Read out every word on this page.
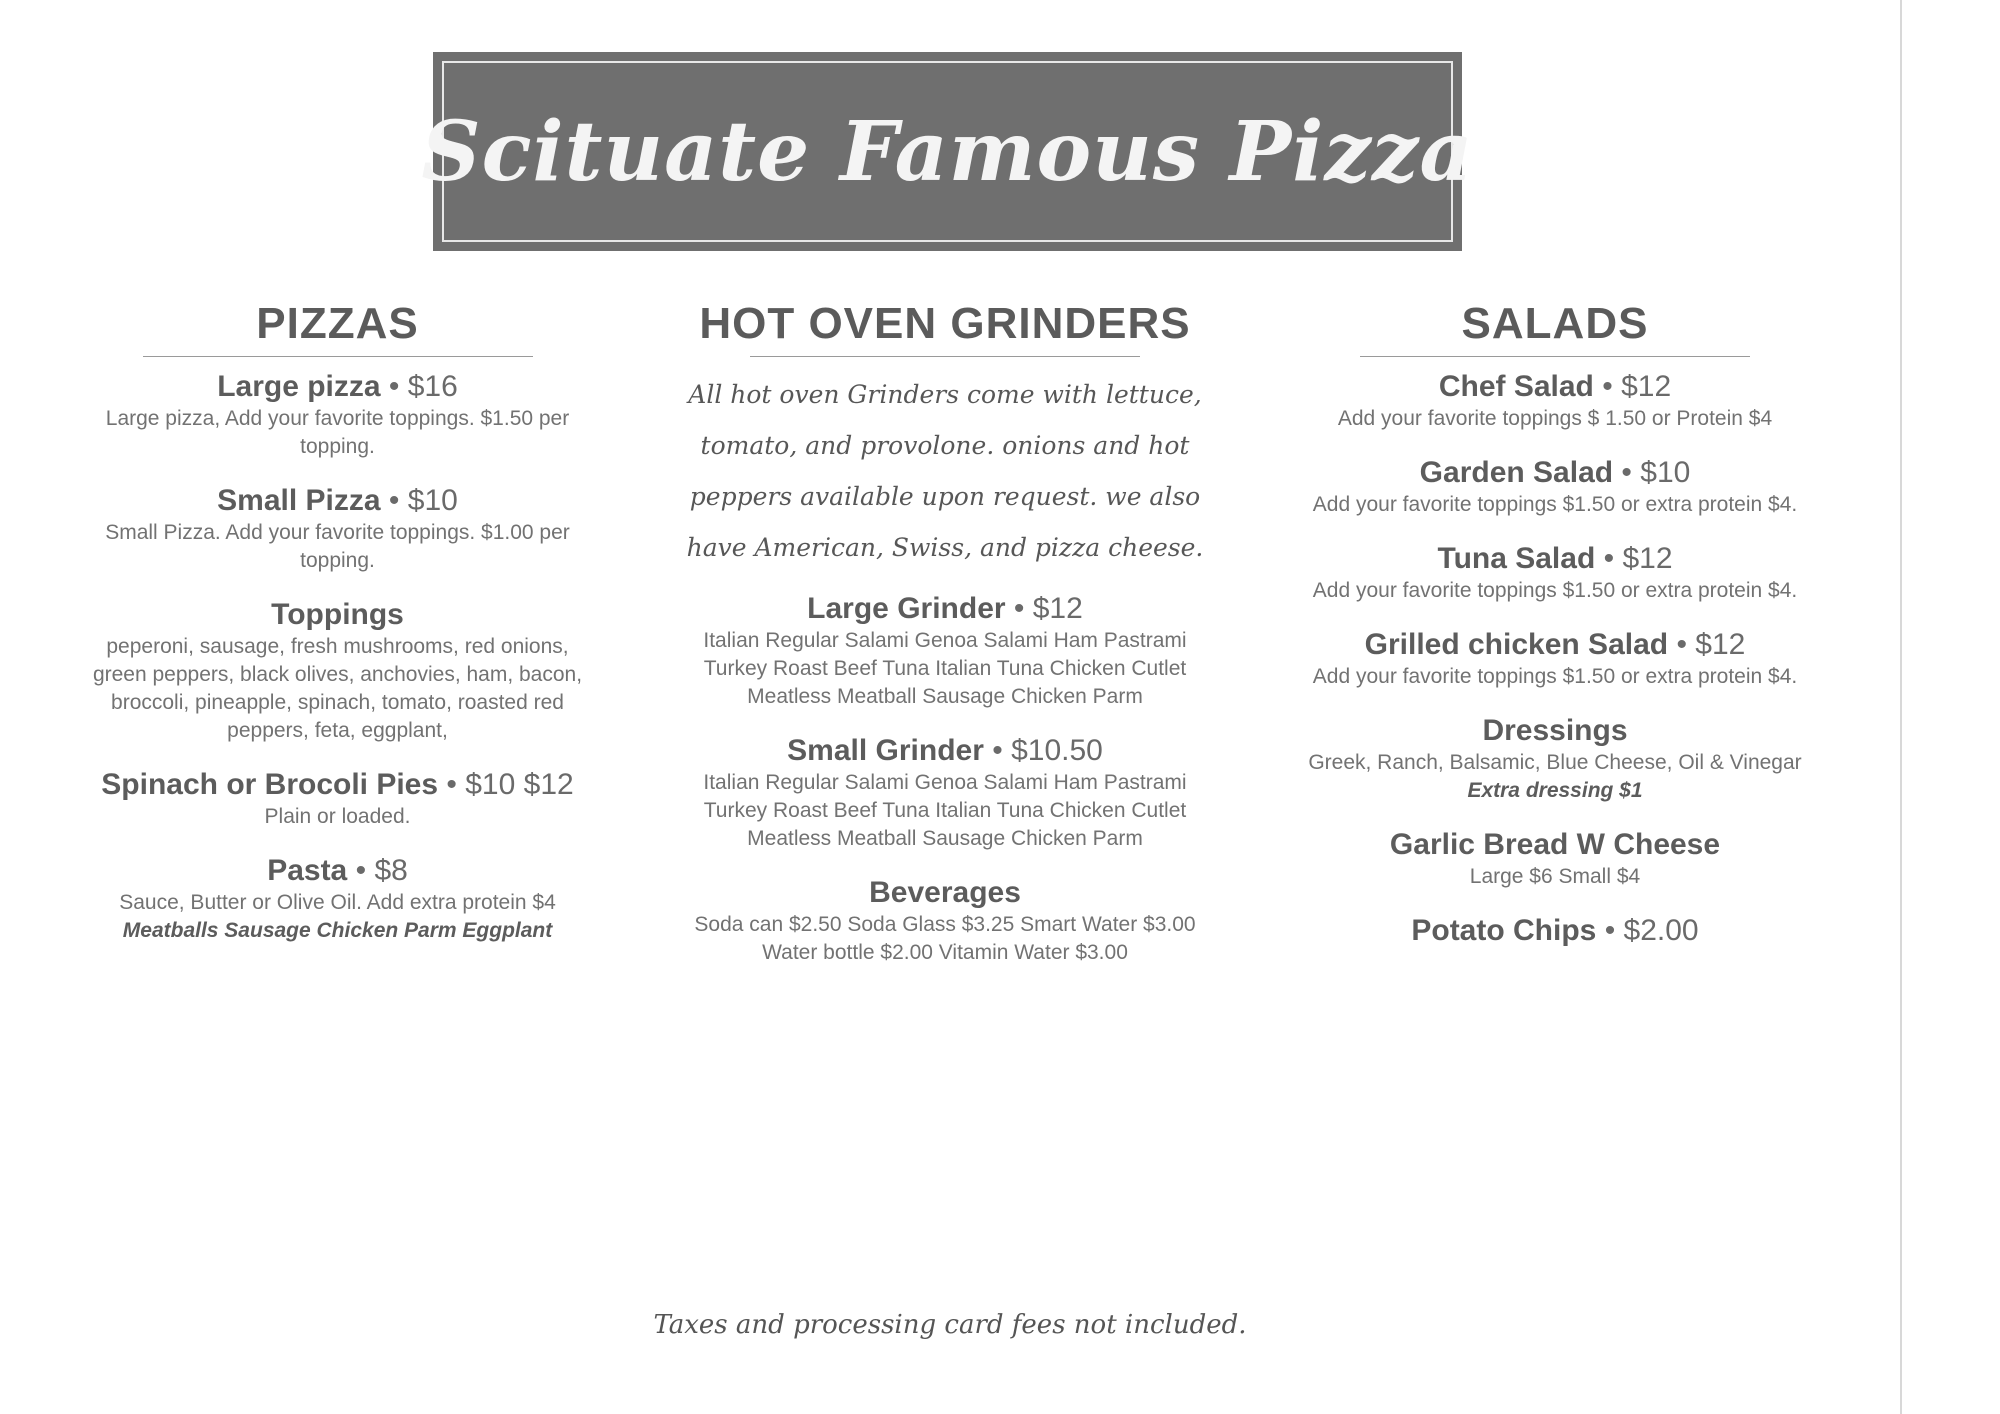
Scituate Famous Pizza
PIZZAS
Large pizza • $16
Large pizza, Add your favorite toppings. $1.50 per topping.
Small Pizza • $10
Small Pizza. Add your favorite toppings. $1.00 per topping.
Toppings
peperoni, sausage, fresh mushrooms, red onions, green peppers, black olives, anchovies, ham, bacon, broccoli, pineapple, spinach, tomato, roasted red peppers, feta, eggplant,
Spinach or Brocoli Pies • $10 $12
Plain or loaded.
Pasta • $8
Sauce, Butter or Olive Oil. Add extra protein $4
Meatballs Sausage Chicken Parm Eggplant
HOT OVEN GRINDERS
All hot oven Grinders come with lettuce, tomato, and provolone. onions and hot peppers available upon request. we also have American, Swiss, and pizza cheese.
Large Grinder • $12
Italian Regular Salami Genoa Salami Ham Pastrami Turkey Roast Beef Tuna Italian Tuna Chicken Cutlet Meatless Meatball Sausage Chicken Parm
Small Grinder • $10.50
Italian Regular Salami Genoa Salami Ham Pastrami Turkey Roast Beef Tuna Italian Tuna Chicken Cutlet Meatless Meatball Sausage Chicken Parm
Beverages
Soda can $2.50 Soda Glass $3.25 Smart Water $3.00 Water bottle $2.00 Vitamin Water $3.00
SALADS
Chef Salad • $12
Add your favorite toppings $ 1.50 or Protein $4
Garden Salad • $10
Add your favorite toppings $1.50 or extra protein $4.
Tuna Salad • $12
Add your favorite toppings $1.50 or extra protein $4.
Grilled chicken Salad • $12
Add your favorite toppings $1.50 or extra protein $4.
Dressings
Greek, Ranch, Balsamic, Blue Cheese, Oil & Vinegar
Extra dressing $1
Garlic Bread W Cheese
Large $6 Small $4
Potato Chips • $2.00
Taxes and processing card fees not included.
